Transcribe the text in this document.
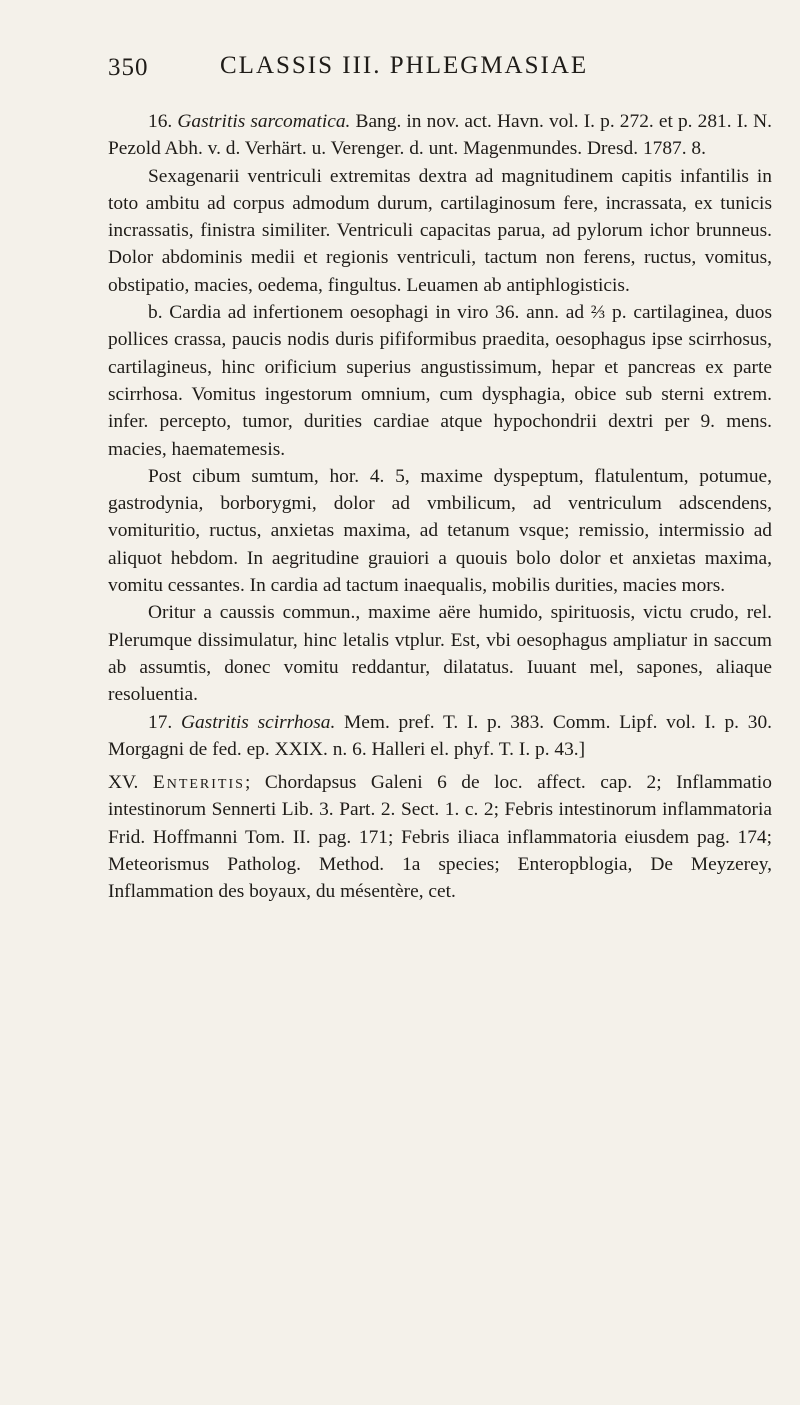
350	CLASSIS III. PHLEGMASIAE

16. Gastritis sarcomatica. Bang. in nov. act. Havn. vol. I. p. 272. et p. 281. I. N. Pezold Abh. v. d. Verhärt. u. Verenger. d. unt. Magenmundes. Dresd. 1787. 8.

Sexagenarii ventriculi extremitas dextra ad magnitudinem capitis infantilis in toto ambitu ad corpus admodum durum, cartilaginosum fere, incrassata, ex tunicis incrassatis, finistra similiter. Ventriculi capacitas parua, ad pylorum ichor brunneus. Dolor abdominis medii et regionis ventriculi, tactum non ferens, ructus, vomitus, obstipatio, macies, oedema, fingultus. Leuamen ab antiphlogisticis.

b. Cardia ad infertionem oesophagi in viro 36. ann. ad ⅔ p. cartilaginea, duos pollices crassa, paucis nodis duris pififormibus praedita, oesophagus ipse scirrhosus, cartilagineus, hinc orificium superius angustissimum, hepar et pancreas ex parte scirrhosa. Vomitus ingestorum omnium, cum dysphagia, obice sub sterni extrem. infer. percepto, tumor, durities cardiae atque hypochondrii dextri per 9. mens. macies, haematemesis.

Post cibum sumtum, hor. 4. 5, maxime dyspeptum, flatulentum, potumue, gastrodynia, borborygmi, dolor ad vmbilicum, ad ventriculum adscendens, vomituritio, ructus, anxietas maxima, ad tetanum vsque; remissio, intermissio ad aliquot hebdom. In aegritudine grauiori a quouis bolo dolor et anxietas maxima, vomitu cessantes. In cardia ad tactum inaequalis, mobilis durities, macies mors.

Oritur a caussis commun., maxime aëre humido, spirituosis, victu crudo, rel. Plerumque dissimulatur, hinc letalis vtplur. Est, vbi oesophagus ampliatur in saccum ab assumtis, donec vomitu reddantur, dilatatus. Iuuant mel, sapones, aliaque resoluentia.

17. Gastritis scirrhosa. Mem. pref. T. I. p. 383. Comm. Lipf. vol. I. p. 30. Morgagni de fed. ep. XXIX. n. 6. Halleri el. phyf. T. I. p. 43.]

XV. Enteritis; Chordapsus Galeni 6 de loc. affect. cap. 2; Inflammatio intestinorum Sennerti Lib. 3. Part. 2. Sect. 1. c. 2; Febris intestinorum inflammatoria Frid. Hoffmanni Tom. II. pag. 171; Febris iliaca inflammatoria eiusdem pag. 174; Meteorismus Patholog. Method. 1a species; Enteropblogia, De Meyzerey, Inflammation des boyaux, du mésentère, cet.
